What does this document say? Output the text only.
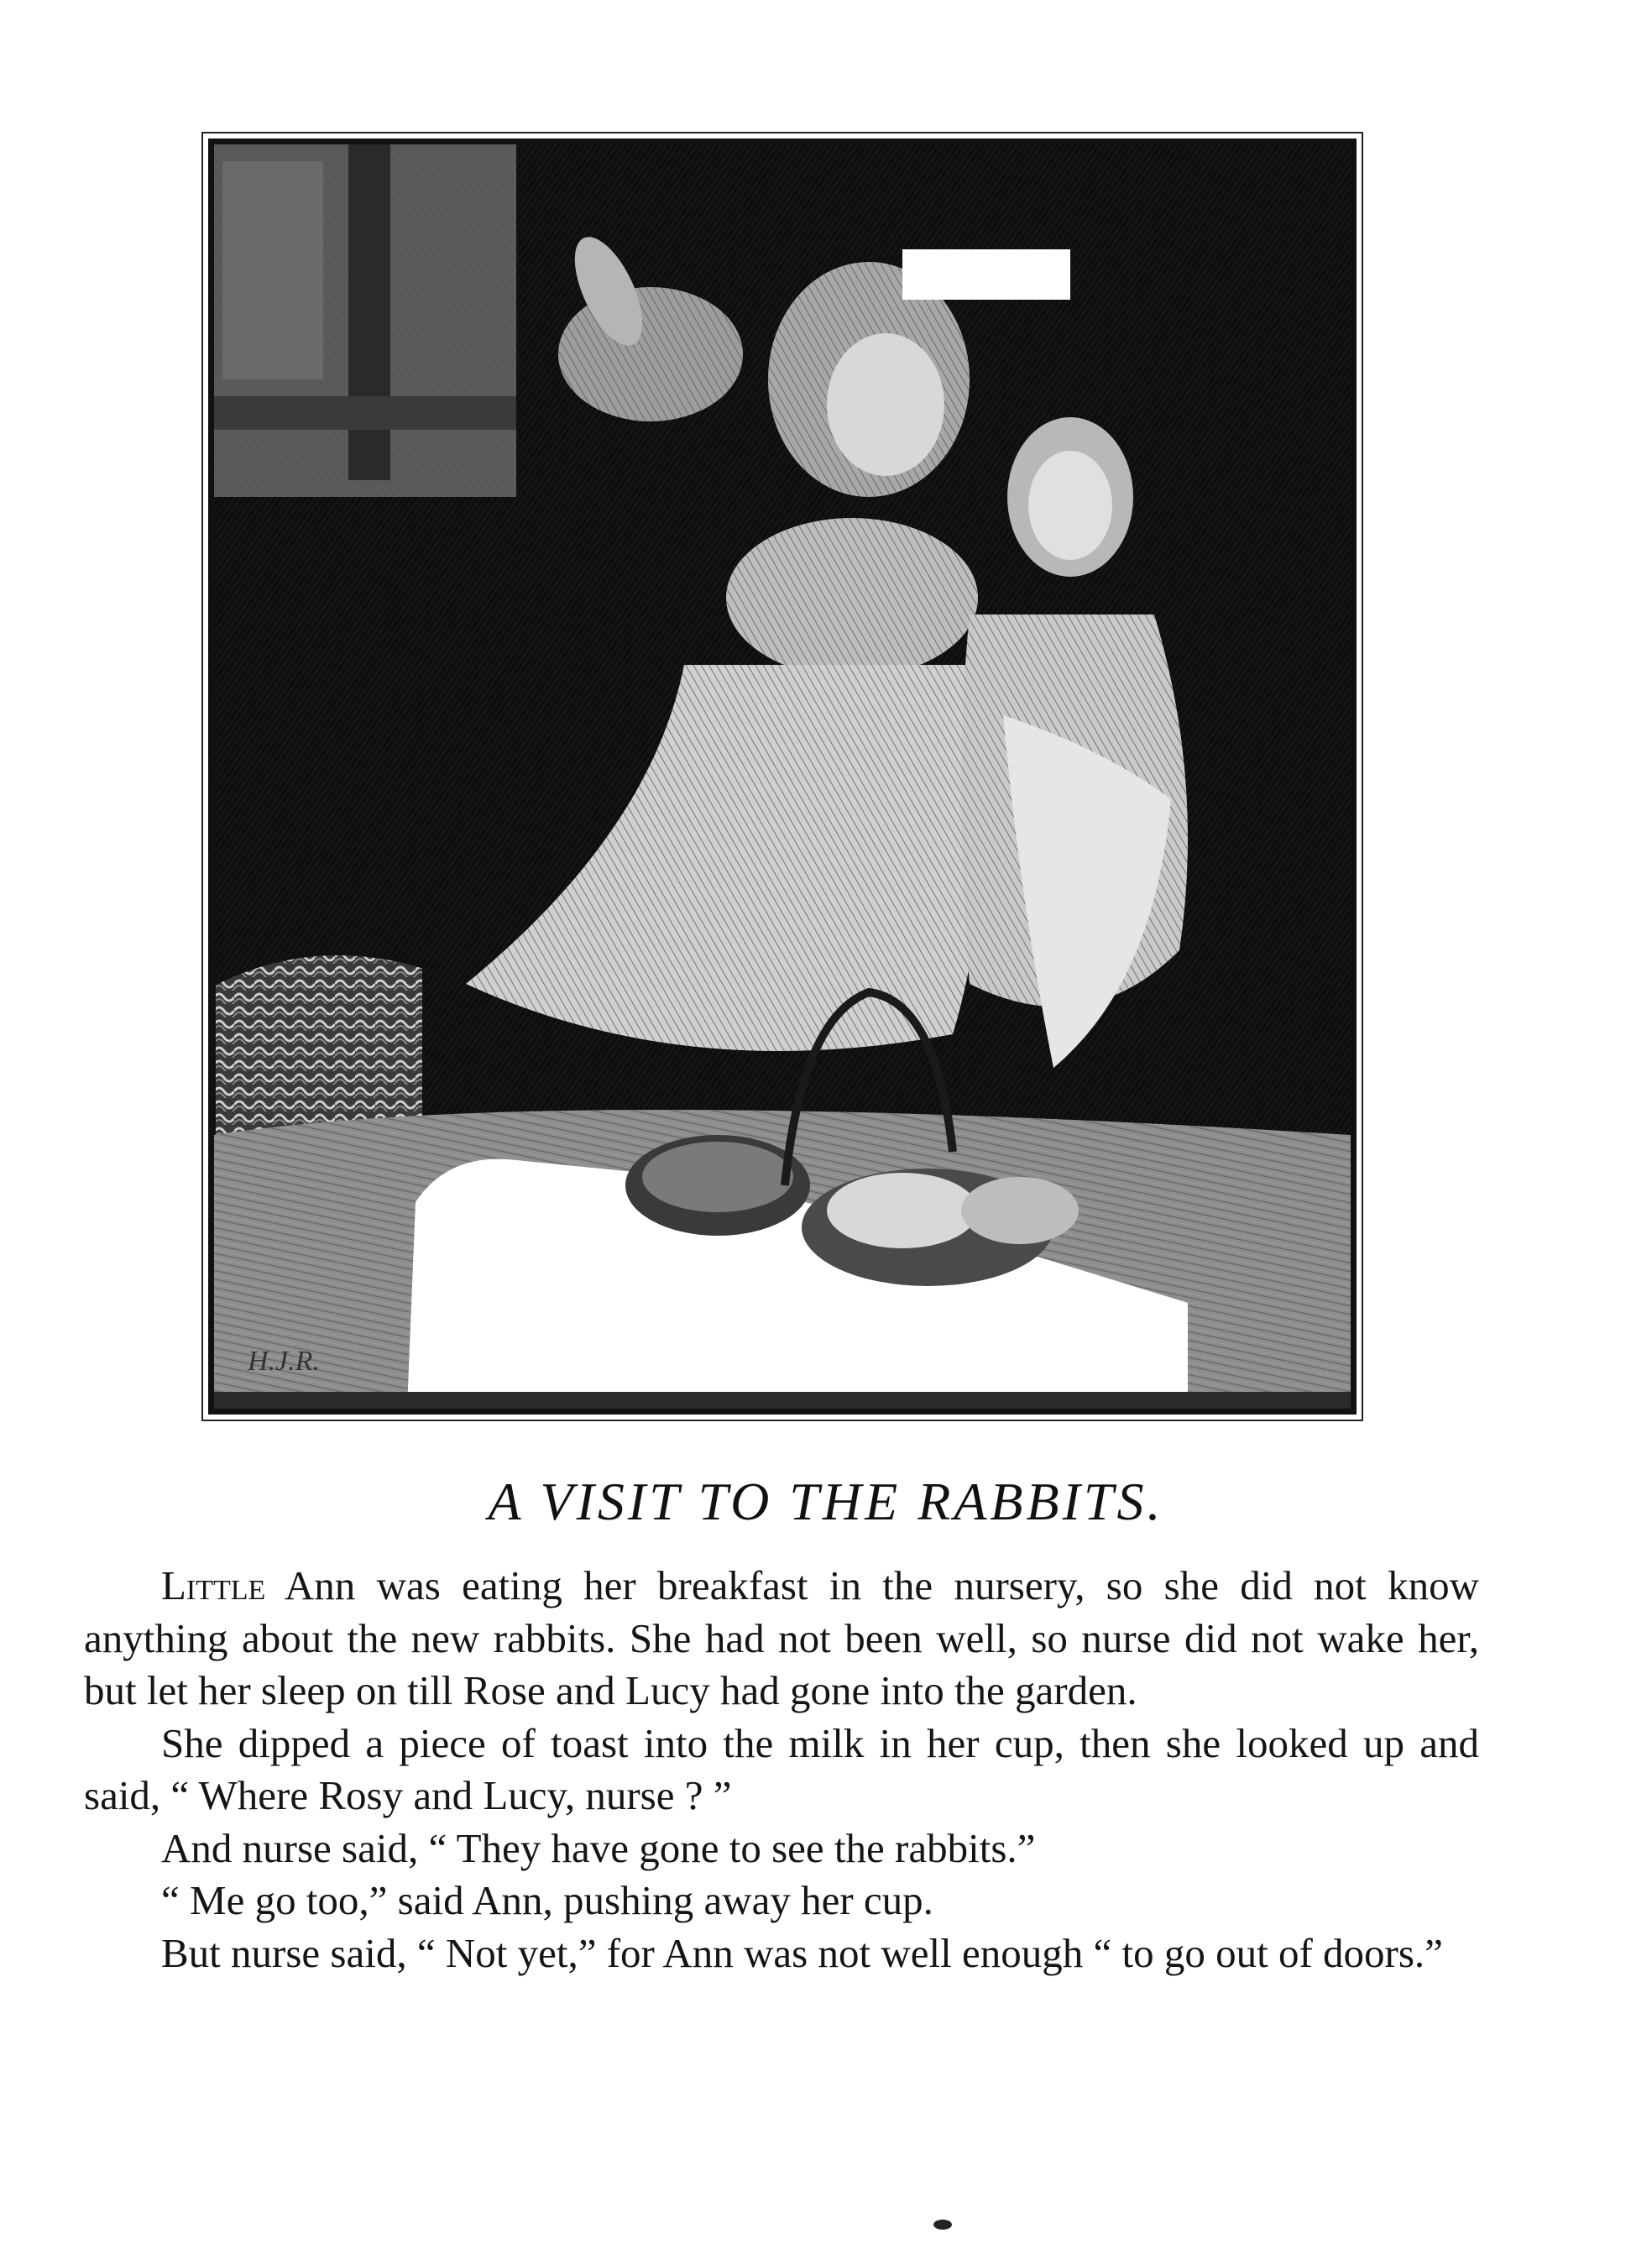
H.J.R.
A VISIT TO THE RABBITS.

Little Ann was eating her breakfast in the nursery, so she did not know anything about the new rabbits. She had not been well, so nurse did not wake her, but let her sleep on till Rose and Lucy had gone into the garden.

She dipped a piece of toast into the milk in her cup, then she looked up and said, “ Where Rosy and Lucy, nurse ? ”

And nurse said, “ They have gone to see the rabbits.”

“ Me go too,” said Ann, pushing away her cup.

But nurse said, “ Not yet,” for Ann was not well enough “ to go out of doors.”
